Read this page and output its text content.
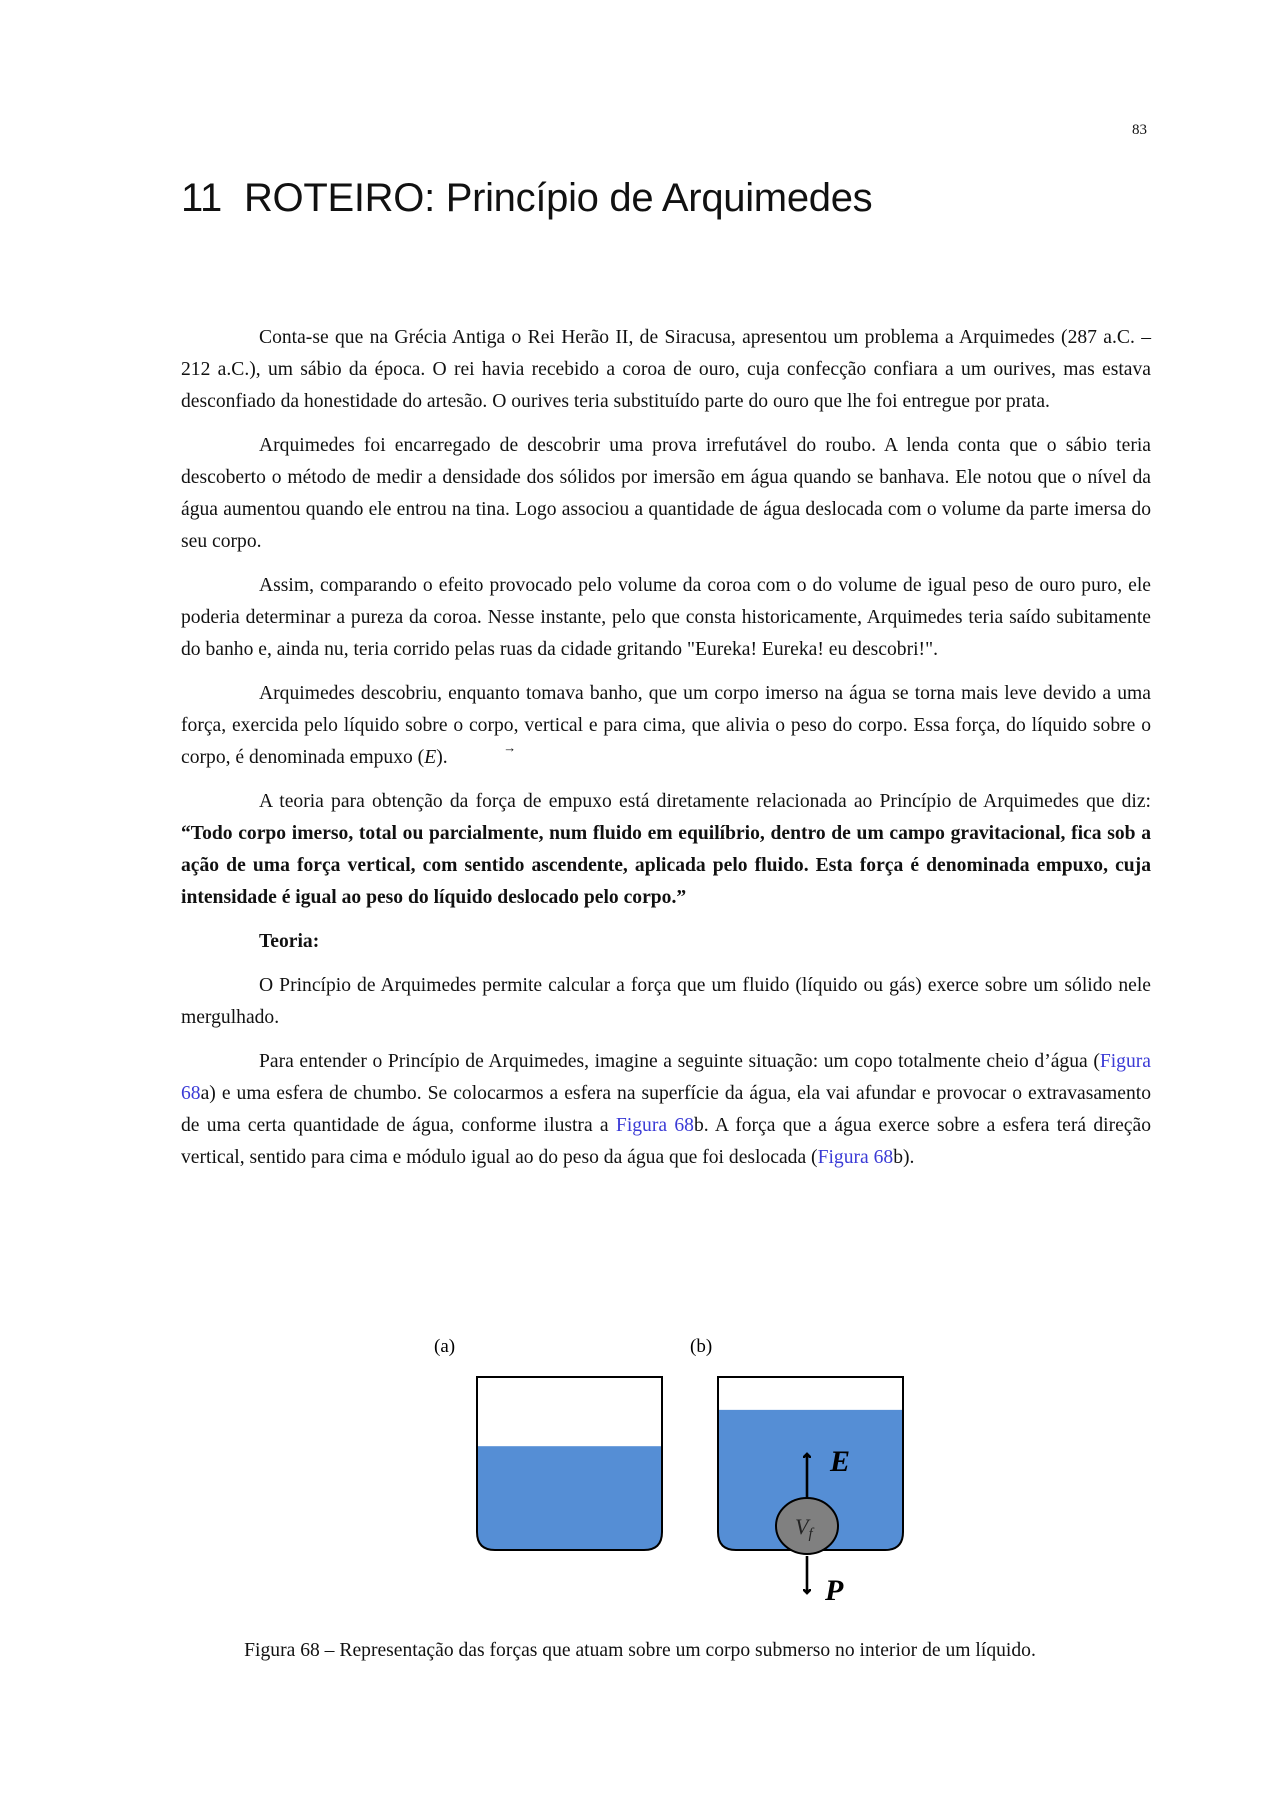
83
11 ROTEIRO: Princípio de Arquimedes

Conta-se que na Grécia Antiga o Rei Herão II, de Siracusa, apresentou um problema a Arquimedes (287 a.C. – 212 a.C.), um sábio da época. O rei havia recebido a coroa de ouro, cuja confecção confiara a um ourives, mas estava desconfiado da honestidade do artesão. O ourives teria substituído parte do ouro que lhe foi entregue por prata.

Arquimedes foi encarregado de descobrir uma prova irrefutável do roubo. A lenda conta que o sábio teria descoberto o método de medir a densidade dos sólidos por imersão em água quando se banhava. Ele notou que o nível da água aumentou quando ele entrou na tina. Logo associou a quantidade de água deslocada com o volume da parte imersa do seu corpo.

Assim, comparando o efeito provocado pelo volume da coroa com o do volume de igual peso de ouro puro, ele poderia determinar a pureza da coroa. Nesse instante, pelo que consta historicamente, Arquimedes teria saído subitamente do banho e, ainda nu, teria corrido pelas ruas da cidade gritando "Eureka! Eureka! eu descobri!".

Arquimedes descobriu, enquanto tomava banho, que um corpo imerso na água se torna mais leve devido a uma força, exercida pelo líquido sobre o corpo, vertical e para cima, que alivia o peso do corpo. Essa força, do líquido sobre o corpo, é denominada empuxo (→ E).

A teoria para obtenção da força de empuxo está diretamente relacionada ao Princípio de Arquimedes que diz: “Todo corpo imerso, total ou parcialmente, num fluido em equilíbrio, dentro de um campo gravitacional, fica sob a ação de uma força vertical, com sentido ascendente, aplicada pelo fluido. Esta força é denominada empuxo, cuja intensidade é igual ao peso do líquido deslocado pelo corpo.”

Teoria:

O Princípio de Arquimedes permite calcular a força que um fluido (líquido ou gás) exerce sobre um sólido nele mergulhado.

Para entender o Princípio de Arquimedes, imagine a seguinte situação: um copo totalmente cheio d’água (Figura 68a) e uma esfera de chumbo. Se colocarmos a esfera na superfície da água, ela vai afundar e provocar o extravasamento de uma certa quantidade de água, conforme ilustra a Figura 68b. A força que a água exerce sobre a esfera terá direção vertical, sentido para cima e módulo igual ao do peso da água que foi deslocada (Figura 68b).

(a)	(b)
Vf
E
P
Figura 68 – Representação das forças que atuam sobre um corpo submerso no interior de um líquido.
